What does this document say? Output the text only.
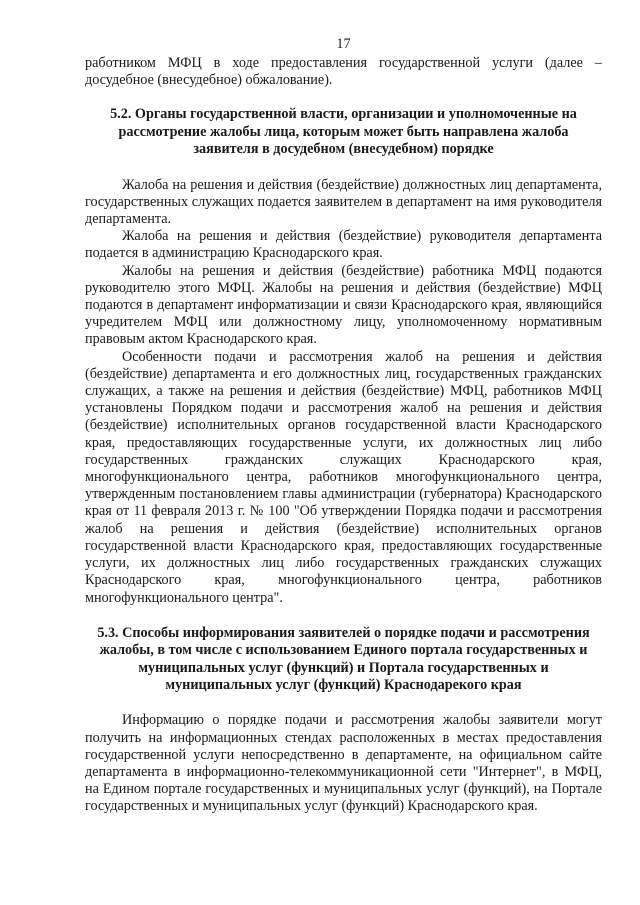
17

работником МФЦ в ходе предоставления государственной услуги (далее – досудебное (внесудебное) обжалование).

5.2. Органы государственной власти, организации и уполномоченные на рассмотрение жалобы лица, которым может быть направлена жалоба заявителя в досудебном (внесудебном) порядке

Жалоба на решения и действия (бездействие) должностных лиц департамента, государственных служащих подается заявителем в департамент на имя руководителя департамента.

Жалоба на решения и действия (бездействие) руководителя департамента подается в администрацию Краснодарского края.

Жалобы на решения и действия (бездействие) работника МФЦ подаются руководителю этого МФЦ. Жалобы на решения и действия (бездействие) МФЦ подаются в департамент информатизации и связи Краснодарского края, являющийся учредителем МФЦ или должностному лицу, уполномоченному нормативным правовым актом Краснодарского края.

Особенности подачи и рассмотрения жалоб на решения и действия (бездействие) департамента и его должностных лиц, государственных гражданских служащих, а также на решения и действия (бездействие) МФЦ, работников МФЦ установлены Порядком подачи и рассмотрения жалоб на решения и действия (бездействие) исполнительных органов государственной власти Краснодарского края, предоставляющих государственные услуги, их должностных лиц либо государственных гражданских служащих Краснодарского края, многофункционального центра, работников многофункционального центра, утвержденным постановлением главы администрации (губернатора) Краснодарского края от 11 февраля 2013 г. № 100 "Об утверждении Порядка подачи и рассмотрения жалоб на решения и действия (бездействие) исполнительных органов государственной власти Краснодарского края, предоставляющих государственные услуги, их должностных лиц либо государственных гражданских служащих Краснодарского края, многофункционального центра, работников многофункционального центра".

5.3. Способы информирования заявителей о порядке подачи и рассмотрения жалобы, в том числе с использованием Единого портала государственных и муниципальных услуг (функций) и Портала государственных и муниципальных услуг (функций) Краснодарекого края

Информацию о порядке подачи и рассмотрения жалобы заявители могут получить на информационных стендах расположенных в местах предоставления государственной услуги непосредственно в департаменте, на официальном сайте департамента в информационно-телекоммуникационной сети "Интернет", в МФЦ, на Едином портале государственных и муниципальных услуг (функций), на Портале государственных и муниципальных услуг (функций) Краснодарского края.
